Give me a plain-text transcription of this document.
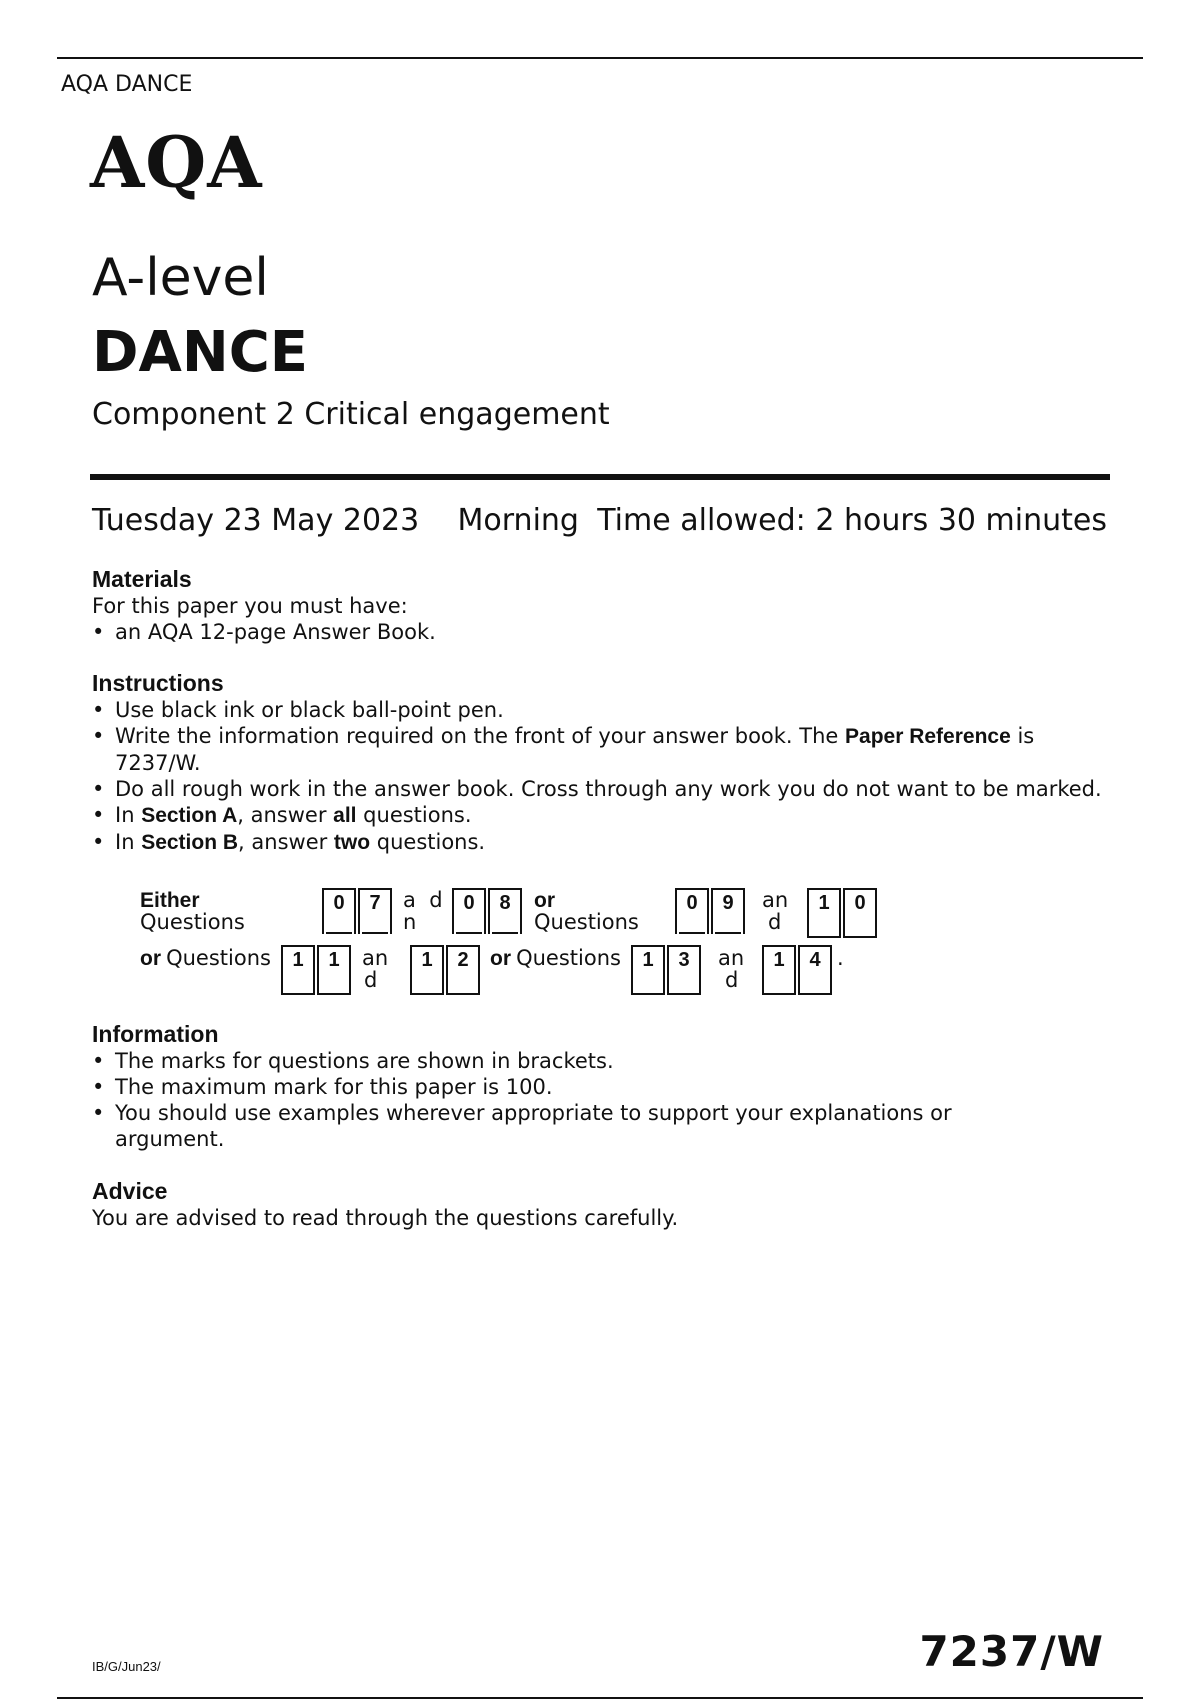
AQA DANCE
AQA
A-level
DANCE
Component 2 Critical engagement
Tuesday 23 May 2023 Morning Time allowed: 2 hours 30 minutes
Materials
For this paper you must have:
• an AQA 12-page Answer Book.
Instructions
• Use black ink or black ball-point pen.
• Write the information required on the front of your answer book. The Paper Reference is 7237/W.
• Do all rough work in the answer book. Cross through any work you do not want to be marked.
• In Section A, answer all questions.
• In Section B, answer two questions.
Either
Questions
0	7	a  d
n
0	8	or
Questions
0	9	an
d
1	0
or Questions	1	1	an
d
1	2	or Questions	1	3	an
d
1	4 .
Information
• The marks for questions are shown in brackets.
• The maximum mark for this paper is 100.
• You should use examples wherever appropriate to support your explanations or argument.
Advice
You are advised to read through the questions carefully.
IB/G/Jun23/	7237/W
